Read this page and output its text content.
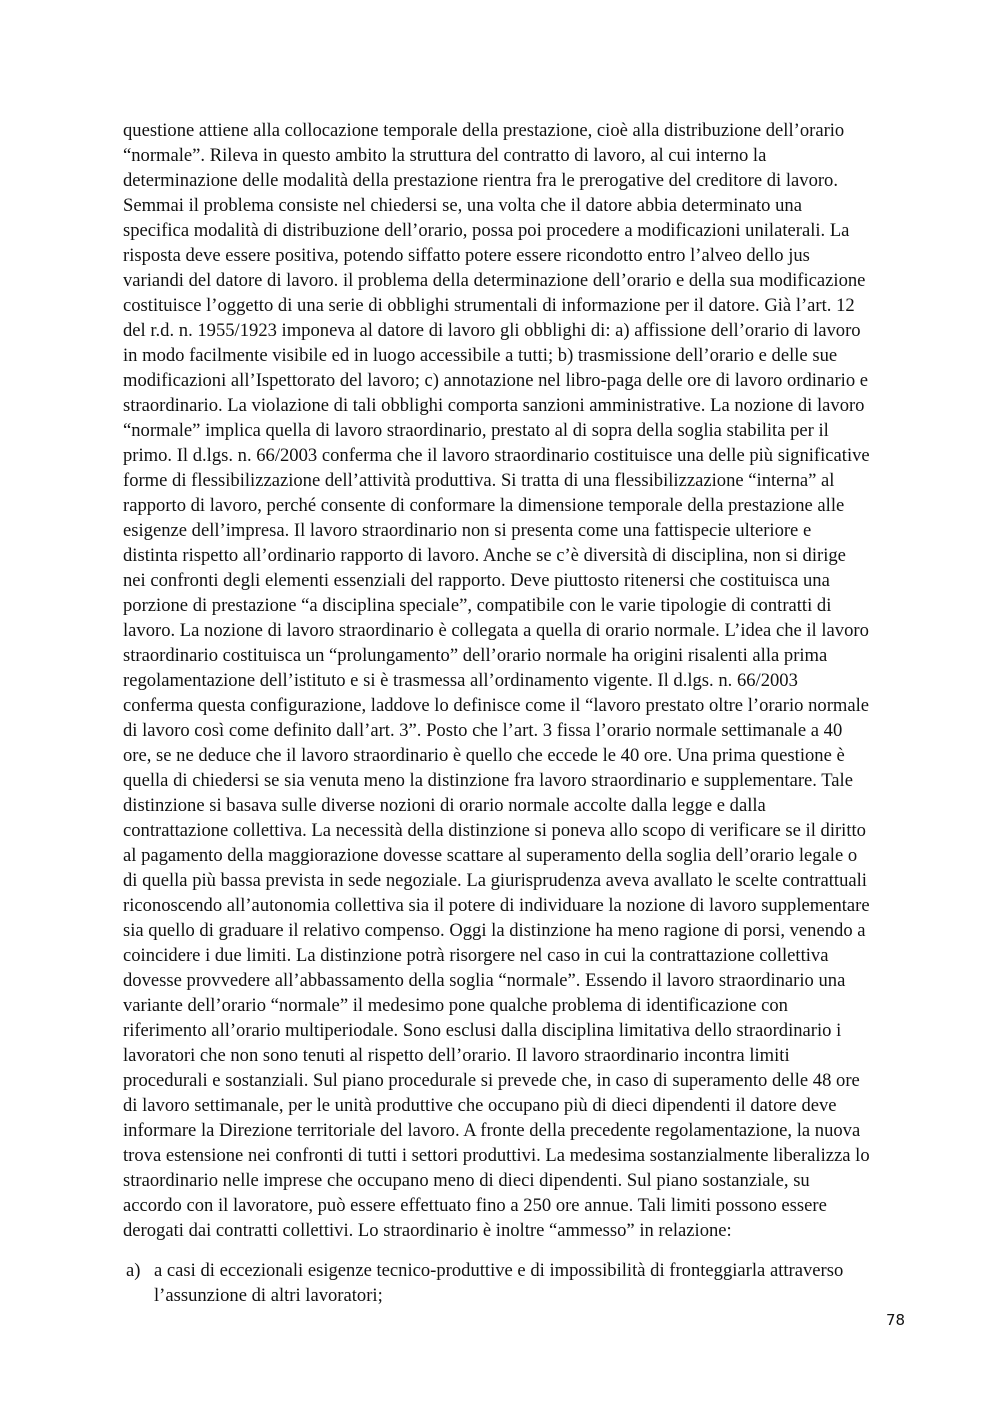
questione attiene alla collocazione temporale della prestazione, cioè alla distribuzione dell’orario
“normale”. Rileva in questo ambito la struttura del contratto di lavoro, al cui interno la
determinazione delle modalità della prestazione rientra fra le prerogative del creditore di lavoro.
Semmai il problema consiste nel chiedersi se, una volta che il datore abbia determinato una
specifica modalità di distribuzione dell’orario, possa poi procedere a modificazioni unilaterali. La
risposta deve essere positiva, potendo siffatto potere essere ricondotto entro l’alveo dello jus
variandi del datore di lavoro. il problema della determinazione dell’orario e della sua modificazione
costituisce l’oggetto di una serie di obblighi strumentali di informazione per il datore. Già l’art. 12
del r.d. n. 1955/1923 imponeva al datore di lavoro gli obblighi di: a) affissione dell’orario di lavoro
in modo facilmente visibile ed in luogo accessibile a tutti; b) trasmissione dell’orario e delle sue
modificazioni all’Ispettorato del lavoro; c) annotazione nel libro-paga delle ore di lavoro ordinario e
straordinario. La violazione di tali obblighi comporta sanzioni amministrative. La nozione di lavoro
“normale” implica quella di lavoro straordinario, prestato al di sopra della soglia stabilita per il
primo. Il d.lgs. n. 66/2003 conferma che il lavoro straordinario costituisce una delle più significative
forme di flessibilizzazione dell’attività produttiva. Si tratta di una flessibilizzazione “interna” al
rapporto di lavoro, perché consente di conformare la dimensione temporale della prestazione alle
esigenze dell’impresa. Il lavoro straordinario non si presenta come una fattispecie ulteriore e
distinta rispetto all’ordinario rapporto di lavoro. Anche se c’è diversità di disciplina, non si dirige
nei confronti degli elementi essenziali del rapporto. Deve piuttosto ritenersi che costituisca una
porzione di prestazione “a disciplina speciale”, compatibile con le varie tipologie di contratti di
lavoro. La nozione di lavoro straordinario è collegata a quella di orario normale. L’idea che il lavoro
straordinario costituisca un “prolungamento” dell’orario normale ha origini risalenti alla prima
regolamentazione dell’istituto e si è trasmessa all’ordinamento vigente. Il d.lgs. n. 66/2003
conferma questa configurazione, laddove lo definisce come il “lavoro prestato oltre l’orario normale
di lavoro così come definito dall’art. 3”. Posto che l’art. 3 fissa l’orario normale settimanale a 40
ore, se ne deduce che il lavoro straordinario è quello che eccede le 40 ore. Una prima questione è
quella di chiedersi se sia venuta meno la distinzione fra lavoro straordinario e supplementare. Tale
distinzione si basava sulle diverse nozioni di orario normale accolte dalla legge e dalla
contrattazione collettiva. La necessità della distinzione si poneva allo scopo di verificare se il diritto
al pagamento della maggiorazione dovesse scattare al superamento della soglia dell’orario legale o
di quella più bassa prevista in sede negoziale. La giurisprudenza aveva avallato le scelte contrattuali
riconoscendo all’autonomia collettiva sia il potere di individuare la nozione di lavoro supplementare
sia quello di graduare il relativo compenso. Oggi la distinzione ha meno ragione di porsi, venendo a
coincidere i due limiti. La distinzione potrà risorgere nel caso in cui la contrattazione collettiva
dovesse provvedere all’abbassamento della soglia “normale”. Essendo il lavoro straordinario una
variante dell’orario “normale” il medesimo pone qualche problema di identificazione con
riferimento all’orario multiperiodale. Sono esclusi dalla disciplina limitativa dello straordinario i
lavoratori che non sono tenuti al rispetto dell’orario. Il lavoro straordinario incontra limiti
procedurali e sostanziali. Sul piano procedurale si prevede che, in caso di superamento delle 48 ore
di lavoro settimanale, per le unità produttive che occupano più di dieci dipendenti il datore deve
informare la Direzione territoriale del lavoro. A fronte della precedente regolamentazione, la nuova
trova estensione nei confronti di tutti i settori produttivi. La medesima sostanzialmente liberalizza lo
straordinario nelle imprese che occupano meno di dieci dipendenti. Sul piano sostanziale, su
accordo con il lavoratore, può essere effettuato fino a 250 ore annue. Tali limiti possono essere
derogati dai contratti collettivi. Lo straordinario è inoltre “ammesso” in relazione:
a) a casi di eccezionali esigenze tecnico-produttive e di impossibilità di fronteggiarla attraverso
l’assunzione di altri lavoratori;
78
